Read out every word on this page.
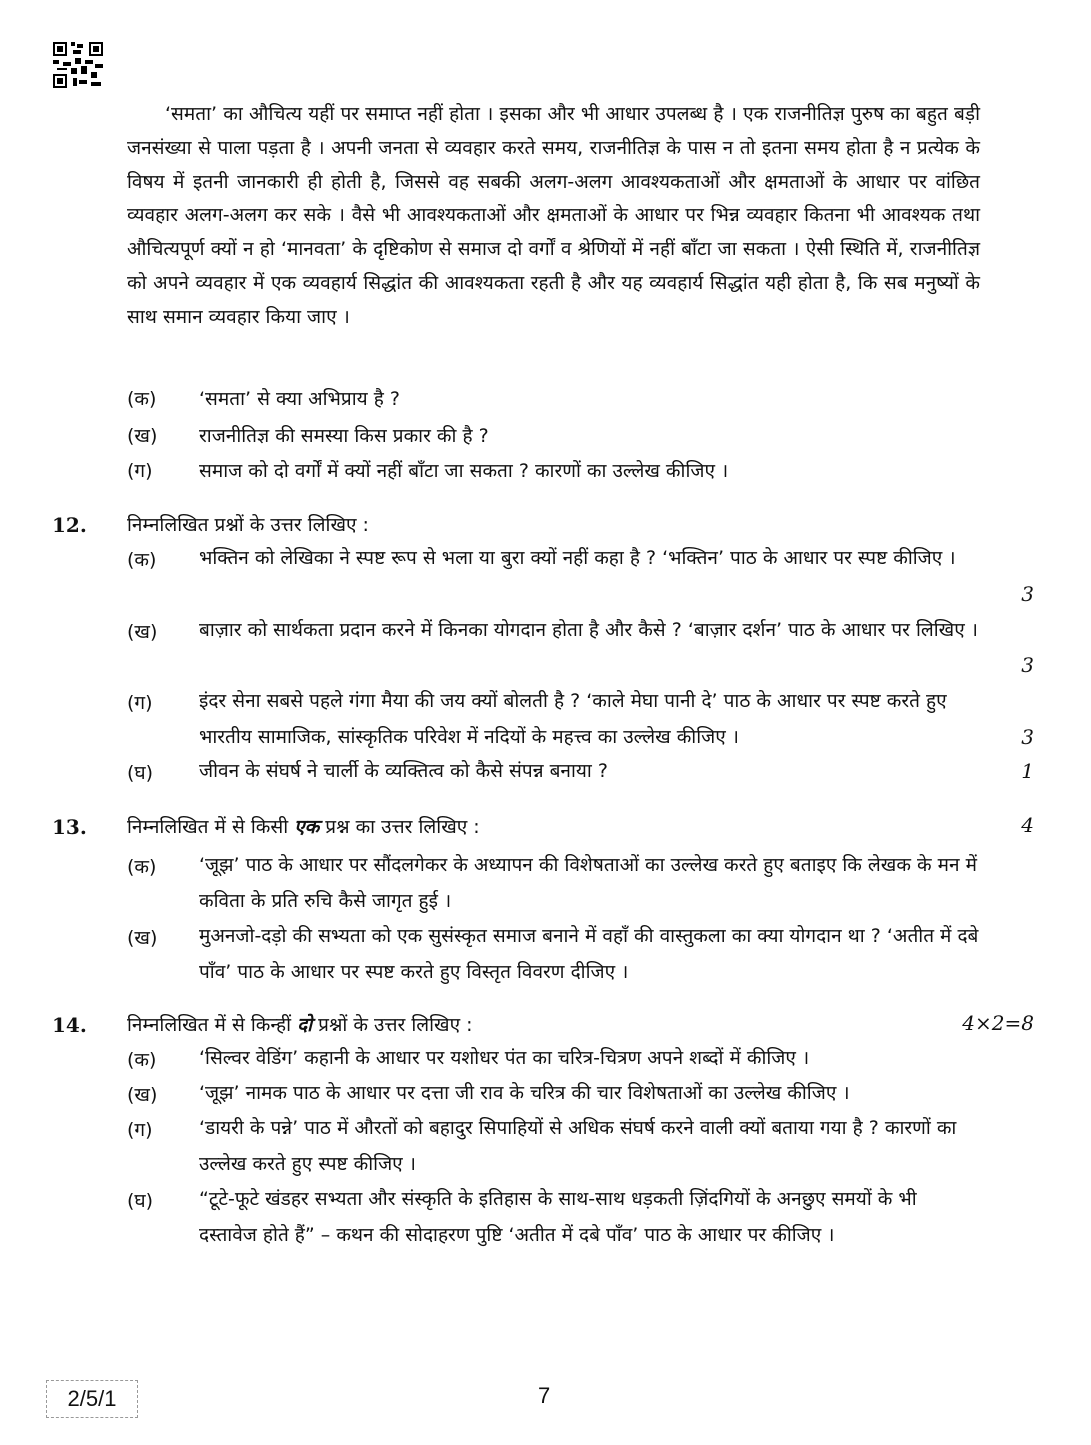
‘समता’ का औचित्य यहीं पर समाप्त नहीं होता । इसका और भी आधार उपलब्ध है । एक राजनीतिज्ञ पुरुष का बहुत बड़ी जनसंख्या से पाला पड़ता है । अपनी जनता से व्यवहार करते समय, राजनीतिज्ञ के पास न तो इतना समय होता है न प्रत्येक के विषय में इतनी जानकारी ही होती है, जिससे वह सबकी अलग-अलग आवश्यकताओं और क्षमताओं के आधार पर वांछित व्यवहार अलग-अलग कर सके । वैसे भी आवश्यकताओं और क्षमताओं के आधार पर भिन्न व्यवहार कितना भी आवश्यक तथा औचित्यपूर्ण क्यों न हो ‘मानवता’ के दृष्टिकोण से समाज दो वर्गों व श्रेणियों में नहीं बाँटा जा सकता । ऐसी स्थिति में, राजनीतिज्ञ को अपने व्यवहार में एक व्यवहार्य सिद्धांत की आवश्यकता रहती है और यह व्यवहार्य सिद्धांत यही होता है, कि सब मनुष्यों के साथ समान व्यवहार किया जाए ।
(क) ‘समता’ से क्या अभिप्राय है ?
(ख) राजनीतिज्ञ की समस्या किस प्रकार की है ?
(ग) समाज को दो वर्गों में क्यों नहीं बाँटा जा सकता ? कारणों का उल्लेख कीजिए ।
12. निम्नलिखित प्रश्नों के उत्तर लिखिए :
(क) भक्तिन को लेखिका ने स्पष्ट रूप से भला या बुरा क्यों नहीं कहा है ? ‘भक्तिन’ पाठ के आधार पर स्पष्ट कीजिए ।
3
(ख) बाज़ार को सार्थकता प्रदान करने में किनका योगदान होता है और कैसे ? ‘बाज़ार दर्शन’ पाठ के आधार पर लिखिए ।
3
(ग) इंदर सेना सबसे पहले गंगा मैया की जय क्यों बोलती है ? ‘काले मेघा पानी दे’ पाठ के आधार पर स्पष्ट करते हुए भारतीय सामाजिक, सांस्कृतिक परिवेश में नदियों के महत्त्व का उल्लेख कीजिए ।	3
(घ) जीवन के संघर्ष ने चार्ली के व्यक्तित्व को कैसे संपन्न बनाया ?	1
13. निम्नलिखित में से किसी एक प्रश्न का उत्तर लिखिए :	4
(क) ‘जूझ’ पाठ के आधार पर सौंदलगेकर के अध्यापन की विशेषताओं का उल्लेख करते हुए बताइए कि लेखक के मन में कविता के प्रति रुचि कैसे जागृत हुई ।
(ख) मुअनजो-दड़ो की सभ्यता को एक सुसंस्कृत समाज बनाने में वहाँ की वास्तुकला का क्या योगदान था ? ‘अतीत में दबे पाँव’ पाठ के आधार पर स्पष्ट करते हुए विस्तृत विवरण दीजिए ।
14. निम्नलिखित में से किन्हीं दो प्रश्नों के उत्तर लिखिए :	4×2=8
(क) ‘सिल्वर वेडिंग’ कहानी के आधार पर यशोधर पंत का चरित्र-चित्रण अपने शब्दों में कीजिए ।
(ख) ‘जूझ’ नामक पाठ के आधार पर दत्ता जी राव के चरित्र की चार विशेषताओं का उल्लेख कीजिए ।
(ग) ‘डायरी के पन्ने’ पाठ में औरतों को बहादुर सिपाहियों से अधिक संघर्ष करने वाली क्यों बताया गया है ? कारणों का उल्लेख करते हुए स्पष्ट कीजिए ।
(घ) “टूटे-फूटे खंडहर सभ्यता और संस्कृति के इतिहास के साथ-साथ धड़कती ज़िंदगियों के अनछुए समयों के भी दस्तावेज होते हैं” – कथन की सोदाहरण पुष्टि ‘अतीत में दबे पाँव’ पाठ के आधार पर कीजिए ।
2/5/1	7
